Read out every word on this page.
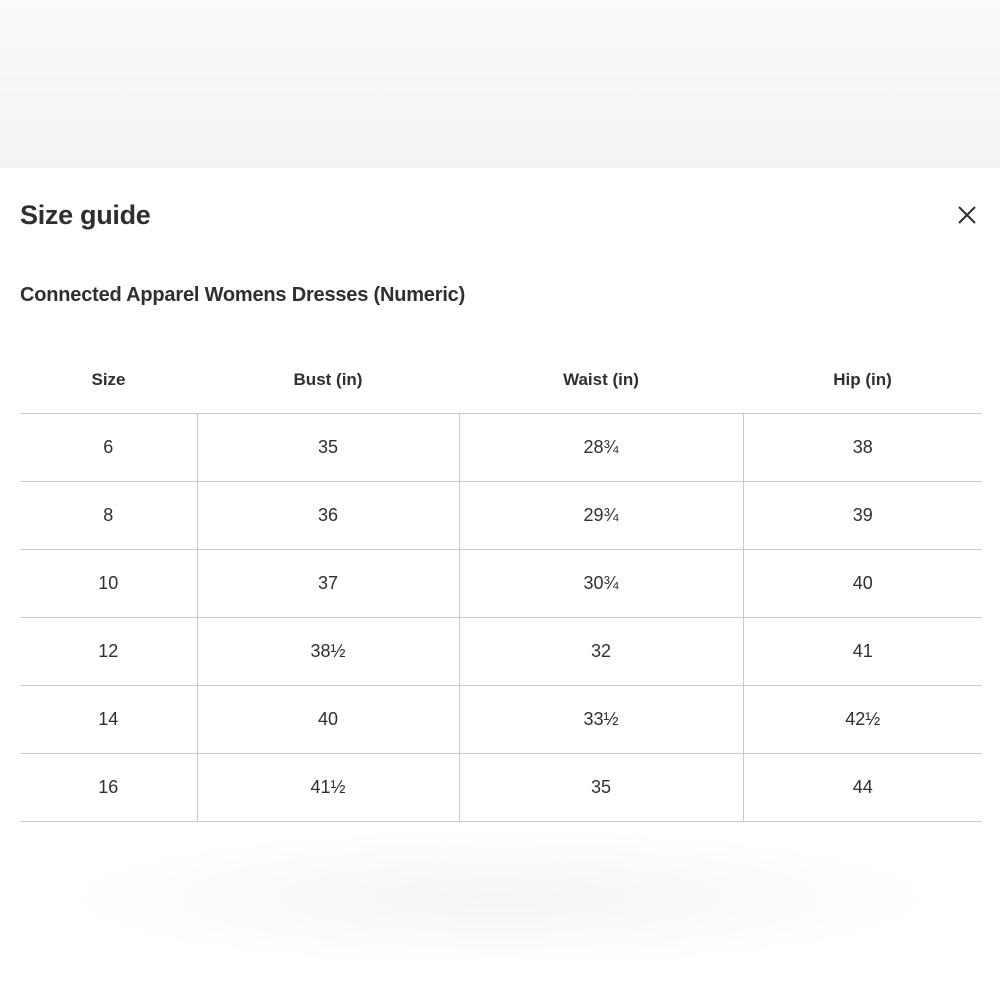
Size guide
Connected Apparel Womens Dresses (Numeric)
Size	Bust (in)	Waist (in)	Hip (in)
6	35	28¾	38
8	36	29¾	39
10	37	30¾	40
12	38½	32	41
14	40	33½	42½
16	41½	35	44
